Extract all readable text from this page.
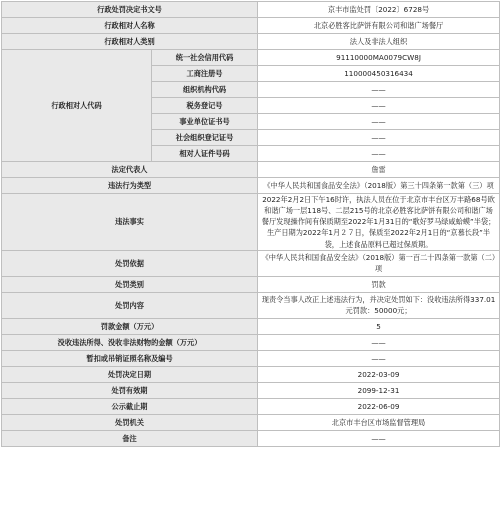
行政处罚决定书文号		京丰市监处罚〔2022〕6728号
行政相对人名称		北京必胜客比萨饼有限公司和谐广场餐厅
行政相对人类别		法人及非法人组织
行政相对人代码	统一社会信用代码	91110000MA0079CW8J
	工商注册号	110000450316434
	组织机构代码	——
	税务登记号	——
	事业单位证书号	——
	社会组织登记证号	——
	相对人证件号码	——
法定代表人		詹雷
违法行为类型		《中华人民共和国食品安全法》（2018版）第三十四条第一款第（三）项
违法事实		2022年2月2日下午16时许，执法人员在位于北京市丰台区万丰路68号欧和谐广场一层118号、二层215号的北京必胜客比萨饼有限公司和谐广场餐厅发现操作间有保质期至2022年1月31日的“歌好罗马绿咸蛤蟆”半袋；生产日期为2022年1月２７日，保质至2022年2月1日的“京慕长段”半袋，上述食品原料已超过保质期。
处罚依据		《中华人民共和国食品安全法》（2018版）第一百二十四条第一款第（二）项
处罚类别		罚款
处罚内容		现责令当事人改正上述违法行为，并决定处罚如下：没收违法所得337.01元罚款：50000元；
罚款金额（万元）		5
没收违法所得、没收非法财物的金额（万元）		——
暂扣或吊销证照名称及编号		——
处罚决定日期		2022-03-09
处罚有效期		2099-12-31
公示截止期		2022-06-09
处罚机关		北京市丰台区市场监督管理局
备注		——
